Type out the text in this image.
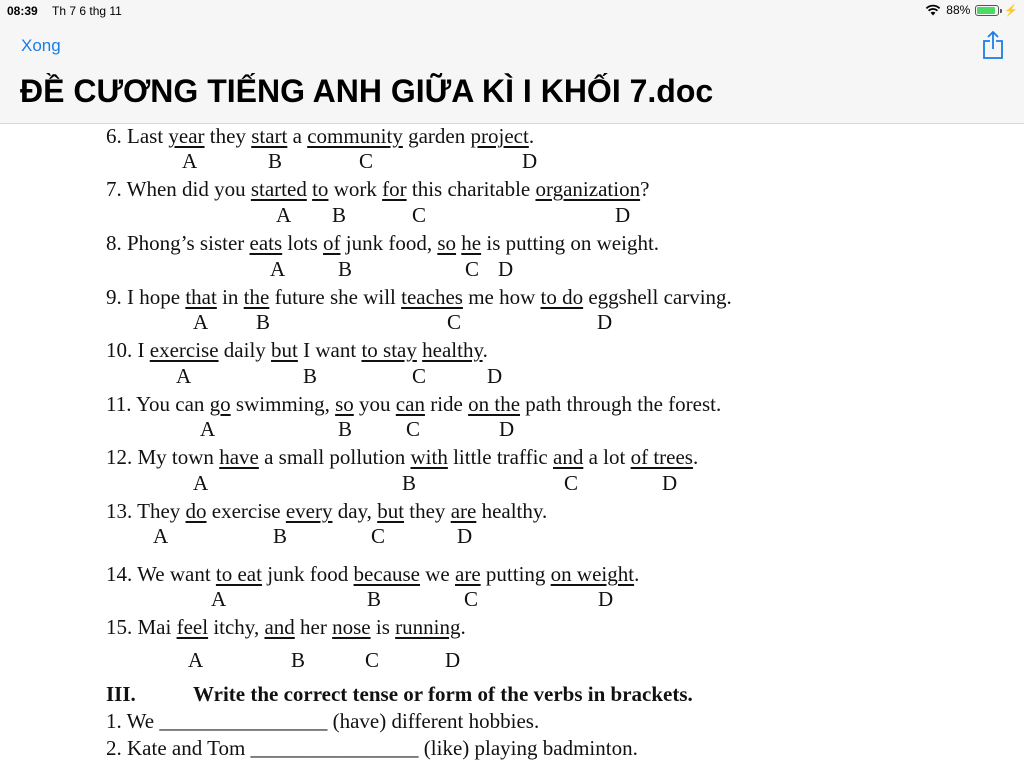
08:39 Th 7 6 thg 11	88%	⚡
Xong
ĐỀ CƯƠNG TIẾNG ANH GIỮA KÌ I KHỐI 7.doc
III.	Write the correct tense or form of the verbs in brackets.
1. We ________________ (have) different hobbies.
2. Kate and Tom ________________ (like) playing badminton.
6. Last year they start a community garden project.
A	B	C	D
7. When did you started to work for this charitable organization?
A B	C	D
8. Phong’s sister eats lots of junk food, so he is putting on weight.
A	B	C D
9. I hope that in the future she will teaches me how to do eggshell carving.
A B	C	D
10. I exercise daily but I want to stay healthy.
A	B	C	D
11. You can go swimming, so you can ride on the path through the forest.
A	B	C	D
12. My town have a small pollution with little traffic and a lot of trees.
A	B	C	D
13. They do exercise every day, but they are healthy.
A	B	C	D
14. We want to eat junk food because we are putting on weight.
A	B	C	D
15. Mai feel itchy, and her nose is running.
A	B	C	D
